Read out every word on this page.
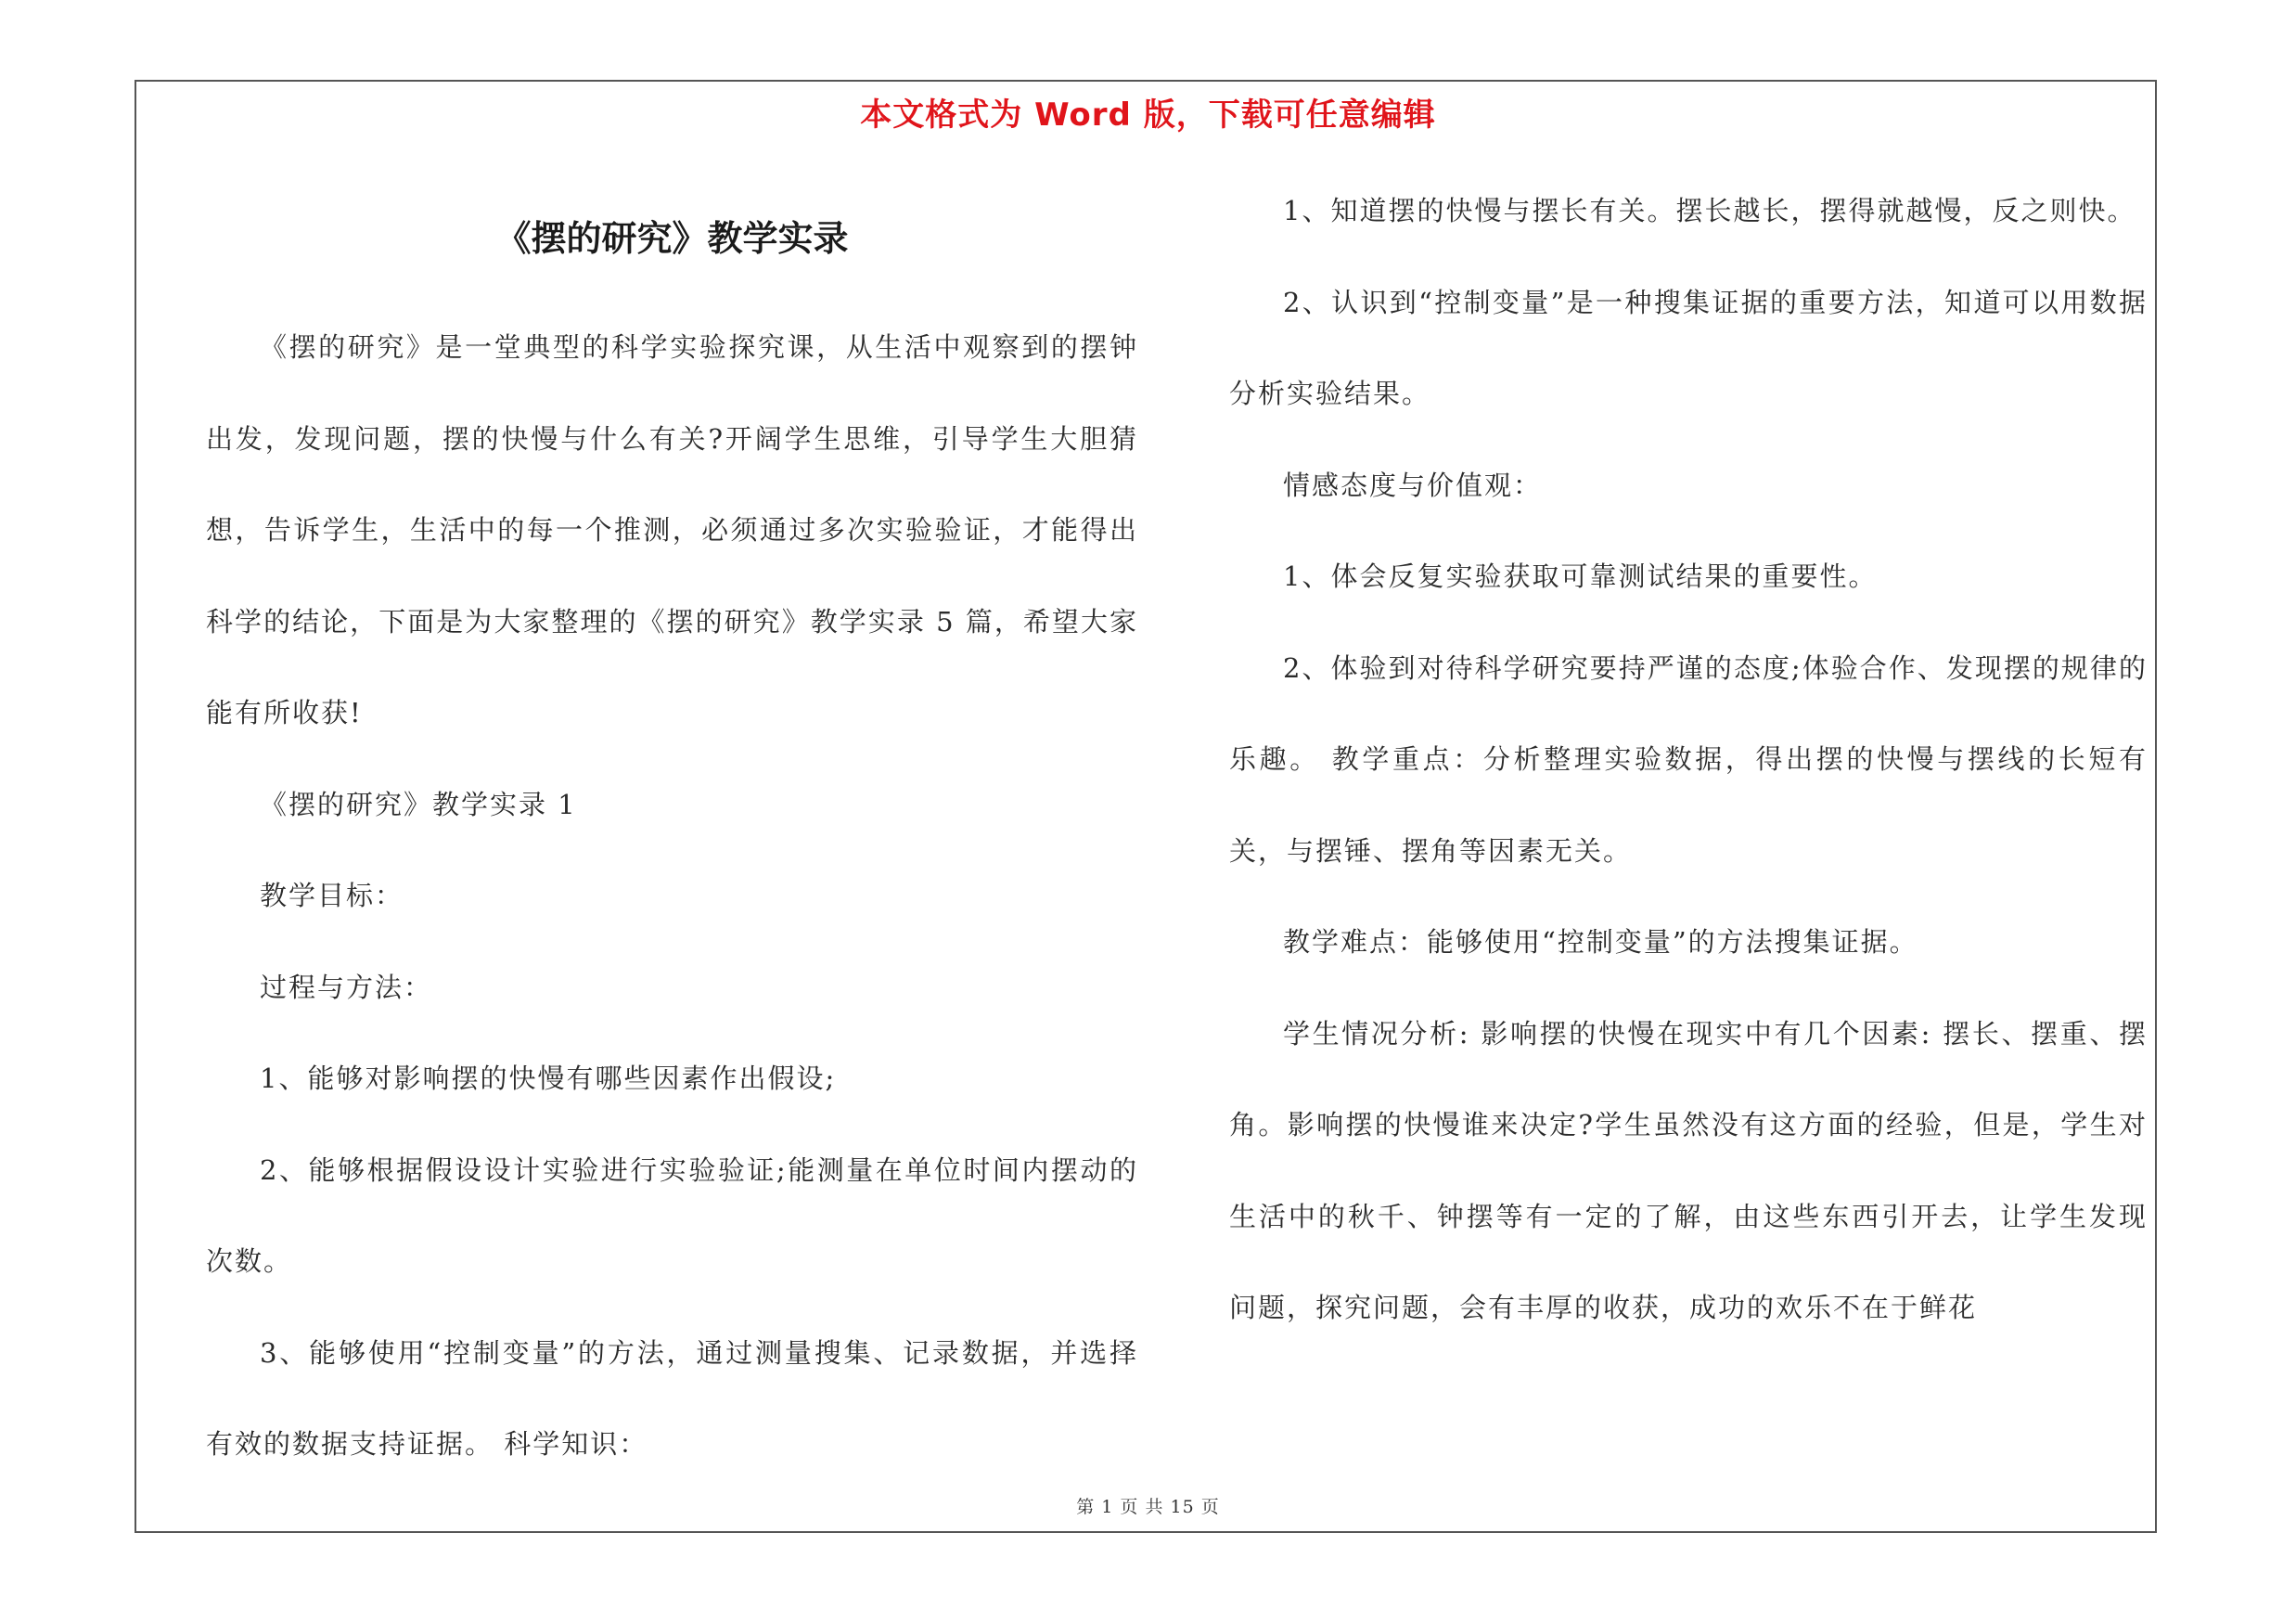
本文格式为 Word 版，下载可任意编辑
《摆的研究》教学实录

《摆的研究》是一堂典型的科学实验探究课，从生活中观察到的摆钟出发，发现问题，摆的快慢与什么有关?开阔学生思维，引导学生大胆猜想，告诉学生，生活中的每一个推测，必须通过多次实验验证，才能得出科学的结论，下面是为大家整理的《摆的研究》教学实录 5 篇，希望大家能有所收获!

《摆的研究》教学实录 1

教学目标：

过程与方法：

1、能够对影响摆的快慢有哪些因素作出假设;

2、能够根据假设设计实验进行实验验证;能测量在单位时间内摆动的次数。

3、能够使用“控制变量”的方法，通过测量搜集、记录数据，并选择有效的数据支持证据。 科学知识：

1、知道摆的快慢与摆长有关。摆长越长，摆得就越慢，反之则快。

2、认识到“控制变量”是一种搜集证据的重要方法，知道可以用数据分析实验结果。

情感态度与价值观：

1、体会反复实验获取可靠测试结果的重要性。

2、体验到对待科学研究要持严谨的态度;体验合作、发现摆的规律的乐趣。 教学重点：分析整理实验数据，得出摆的快慢与摆线的长短有关，与摆锤、摆角等因素无关。

教学难点：能够使用“控制变量”的方法搜集证据。

学生情况分析: 影响摆的快慢在现实中有几个因素: 摆长、摆重、摆角。影响摆的快慢谁来决定?学生虽然没有这方面的经验，但是，学生对生活中的秋千、钟摆等有一定的了解，由这些东西引开去，让学生发现问题，探究问题，会有丰厚的收获，成功的欢乐不在于鲜花

第 1 页 共 15 页
